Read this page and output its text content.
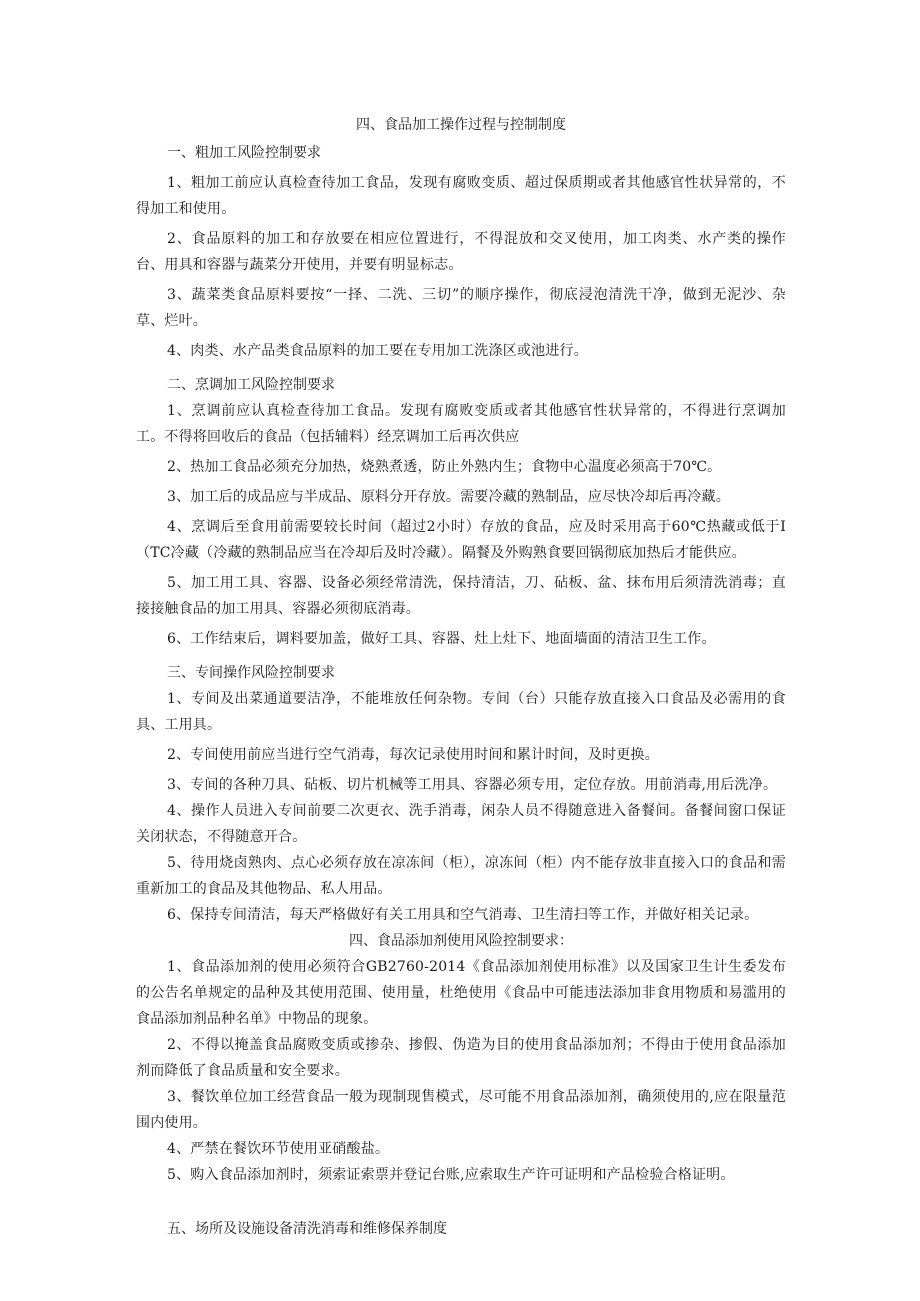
四、食品加工操作过程与控制制度

一、粗加工风险控制要求

1、粗加工前应认真检查待加工食品，发现有腐败变质、超过保质期或者其他感官性状异常的，不得加工和使用。

2、食品原料的加工和存放要在相应位置进行，不得混放和交叉使用，加工肉类、水产类的操作台、用具和容器与蔬菜分开使用，并要有明显标志。

3、蔬菜类食品原料要按“一择、二洗、三切”的顺序操作，彻底浸泡清洗干净，做到无泥沙、杂草、烂叶。

4、肉类、水产品类食品原料的加工要在专用加工洗涤区或池进行。

二、烹调加工风险控制要求

1、烹调前应认真检查待加工食品。发现有腐败变质或者其他感官性状异常的，不得进行烹调加工。不得将回收后的食品（包括辅料）经烹调加工后再次供应

2、热加工食品必须充分加热，烧熟煮透，防止外熟内生；食物中心温度必须高于70℃。

3、加工后的成品应与半成品、原料分开存放。需要冷藏的熟制品，应尽快冷却后再冷藏。

4、烹调后至食用前需要较长时间（超过2小时）存放的食品，应及时采用高于60℃热藏或低于I（TC冷藏（冷藏的熟制品应当在冷却后及时冷藏）。隔餐及外购熟食要回锅彻底加热后才能供应。

5、加工用工具、容器、设备必须经常清洗，保持清洁，刀、砧板、盆、抹布用后须清洗消毒；直接接触食品的加工用具、容器必须彻底消毒。

6、工作结束后，调料要加盖，做好工具、容器、灶上灶下、地面墙面的清洁卫生工作。

三、专间操作风险控制要求

1、专间及出菜通道要洁净，不能堆放任何杂物。专间（台）只能存放直接入口食品及必需用的食具、工用具。

2、专间使用前应当进行空气消毒，每次记录使用时间和累计时间，及时更换。

3、专间的各种刀具、砧板、切片机械等工用具、容器必须专用，定位存放。用前消毒,用后洗净。

4、操作人员进入专间前要二次更衣、洗手消毒，闲杂人员不得随意进入备餐间。备餐间窗口保证关闭状态，不得随意开合。

5、待用烧卤熟肉、点心必须存放在凉冻间（柜），凉冻间（柜）内不能存放非直接入口的食品和需重新加工的食品及其他物品、私人用品。

6、保持专间清洁，每天严格做好有关工用具和空气消毒、卫生清扫等工作，并做好相关记录。

四、食品添加剂使用风险控制要求：

1、食品添加剂的使用必须符合GB2760-2014《食品添加剂使用标准》以及国家卫生计生委发布的公告名单规定的品种及其使用范围、使用量，杜绝使用《食品中可能违法添加非食用物质和易滥用的食品添加剂品种名单》中物品的现象。

2、不得以掩盖食品腐败变质或掺杂、掺假、伪造为目的使用食品添加剂；不得由于使用食品添加剂而降低了食品质量和安全要求。

3、餐饮单位加工经营食品一般为现制现售模式，尽可能不用食品添加剂，确须使用的,应在限量范围内使用。

4、严禁在餐饮环节使用亚硝酸盐。

5、购入食品添加剂时，须索证索票并登记台账,应索取生产许可证明和产品检验合格证明。

五、场所及设施设备清洗消毒和维修保养制度
